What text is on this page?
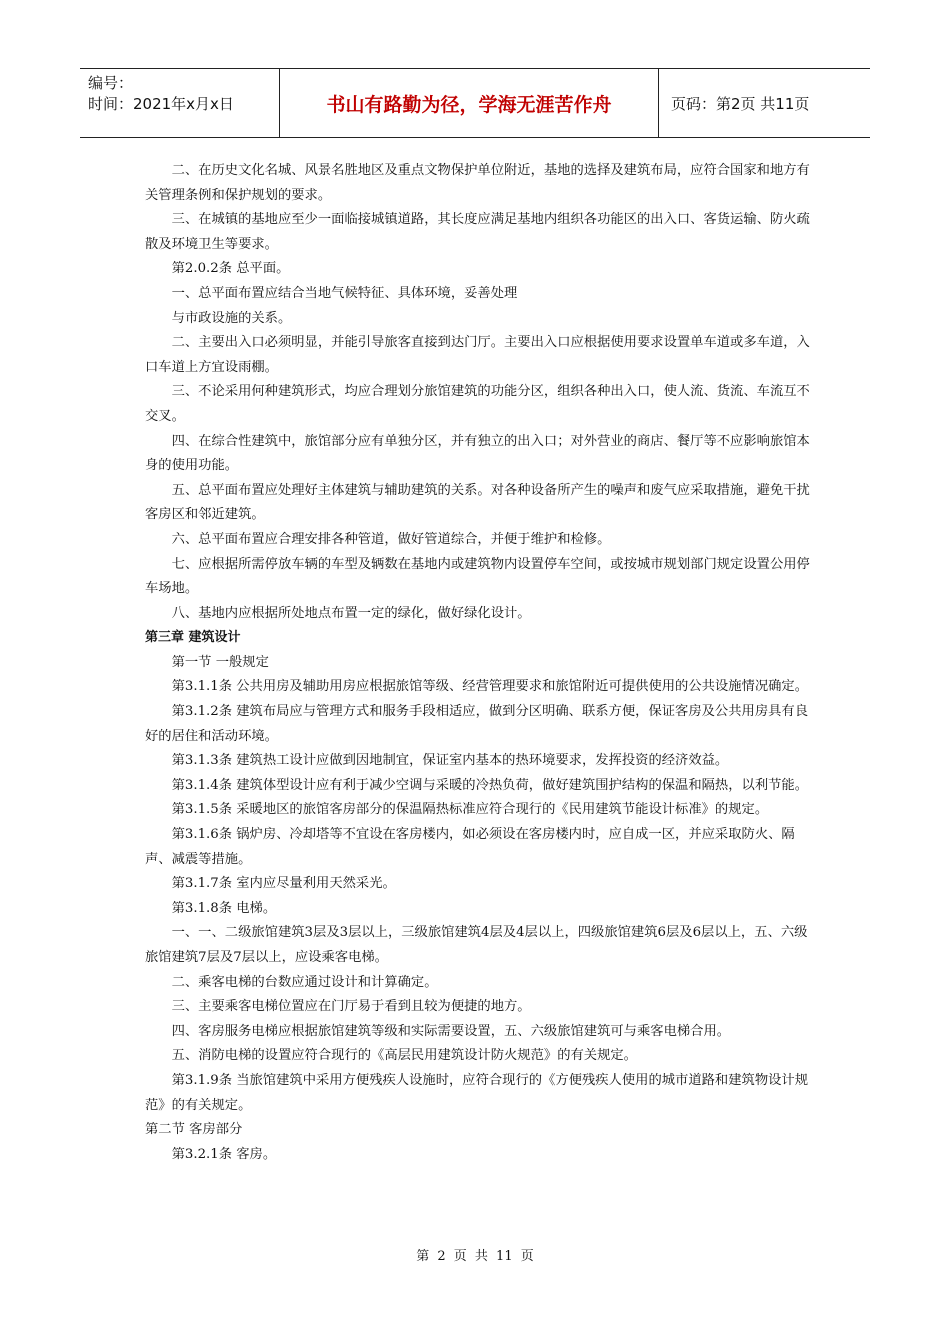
编号：
时间：2021年x月x日	书山有路勤为径，学海无涯苦作舟	页码：第2页 共11页

二、在历史文化名城、风景名胜地区及重点文物保护单位附近，基地的选择及建筑布局，应符合国家和地方有关管理条例和保护规划的要求。

三、在城镇的基地应至少一面临接城镇道路，其长度应满足基地内组织各功能区的出入口、客货运输、防火疏散及环境卫生等要求。

第2.0.2条 总平面。

一、总平面布置应结合当地气候特征、具体环境，妥善处理

与市政设施的关系。

二、主要出入口必须明显，并能引导旅客直接到达门厅。主要出入口应根据使用要求设置单车道或多车道，入口车道上方宜设雨棚。

三、不论采用何种建筑形式，均应合理划分旅馆建筑的功能分区，组织各种出入口，使人流、货流、车流互不交叉。

四、在综合性建筑中，旅馆部分应有单独分区，并有独立的出入口；对外营业的商店、餐厅等不应影响旅馆本身的使用功能。

五、总平面布置应处理好主体建筑与辅助建筑的关系。对各种设备所产生的噪声和废气应采取措施，避免干扰客房区和邻近建筑。

六、总平面布置应合理安排各种管道，做好管道综合，并便于维护和检修。

七、应根据所需停放车辆的车型及辆数在基地内或建筑物内设置停车空间，或按城市规划部门规定设置公用停车场地。

八、基地内应根据所处地点布置一定的绿化，做好绿化设计。

第三章 建筑设计

第一节 一般规定

第3.1.1条 公共用房及辅助用房应根据旅馆等级、经营管理要求和旅馆附近可提供使用的公共设施情况确定。

第3.1.2条 建筑布局应与管理方式和服务手段相适应，做到分区明确、联系方便，保证客房及公共用房具有良好的居住和活动环境。

第3.1.3条 建筑热工设计应做到因地制宜，保证室内基本的热环境要求，发挥投资的经济效益。

第3.1.4条 建筑体型设计应有利于减少空调与采暖的冷热负荷，做好建筑围护结构的保温和隔热，以利节能。

第3.1.5条 采暖地区的旅馆客房部分的保温隔热标准应符合现行的《民用建筑节能设计标准》的规定。

第3.1.6条 锅炉房、冷却塔等不宜设在客房楼内，如必须设在客房楼内时，应自成一区，并应采取防火、隔声、减震等措施。

第3.1.7条 室内应尽量利用天然采光。

第3.1.8条 电梯。

一、一、二级旅馆建筑3层及3层以上，三级旅馆建筑4层及4层以上，四级旅馆建筑6层及6层以上，五、六级旅馆建筑7层及7层以上，应设乘客电梯。

二、乘客电梯的台数应通过设计和计算确定。

三、主要乘客电梯位置应在门厅易于看到且较为便捷的地方。

四、客房服务电梯应根据旅馆建筑等级和实际需要设置，五、六级旅馆建筑可与乘客电梯合用。

五、消防电梯的设置应符合现行的《高层民用建筑设计防火规范》的有关规定。

第3.1.9条 当旅馆建筑中采用方便残疾人设施时，应符合现行的《方便残疾人使用的城市道路和建筑物设计规范》的有关规定。

第二节 客房部分

第3.2.1条 客房。

第 2 页 共 11 页
